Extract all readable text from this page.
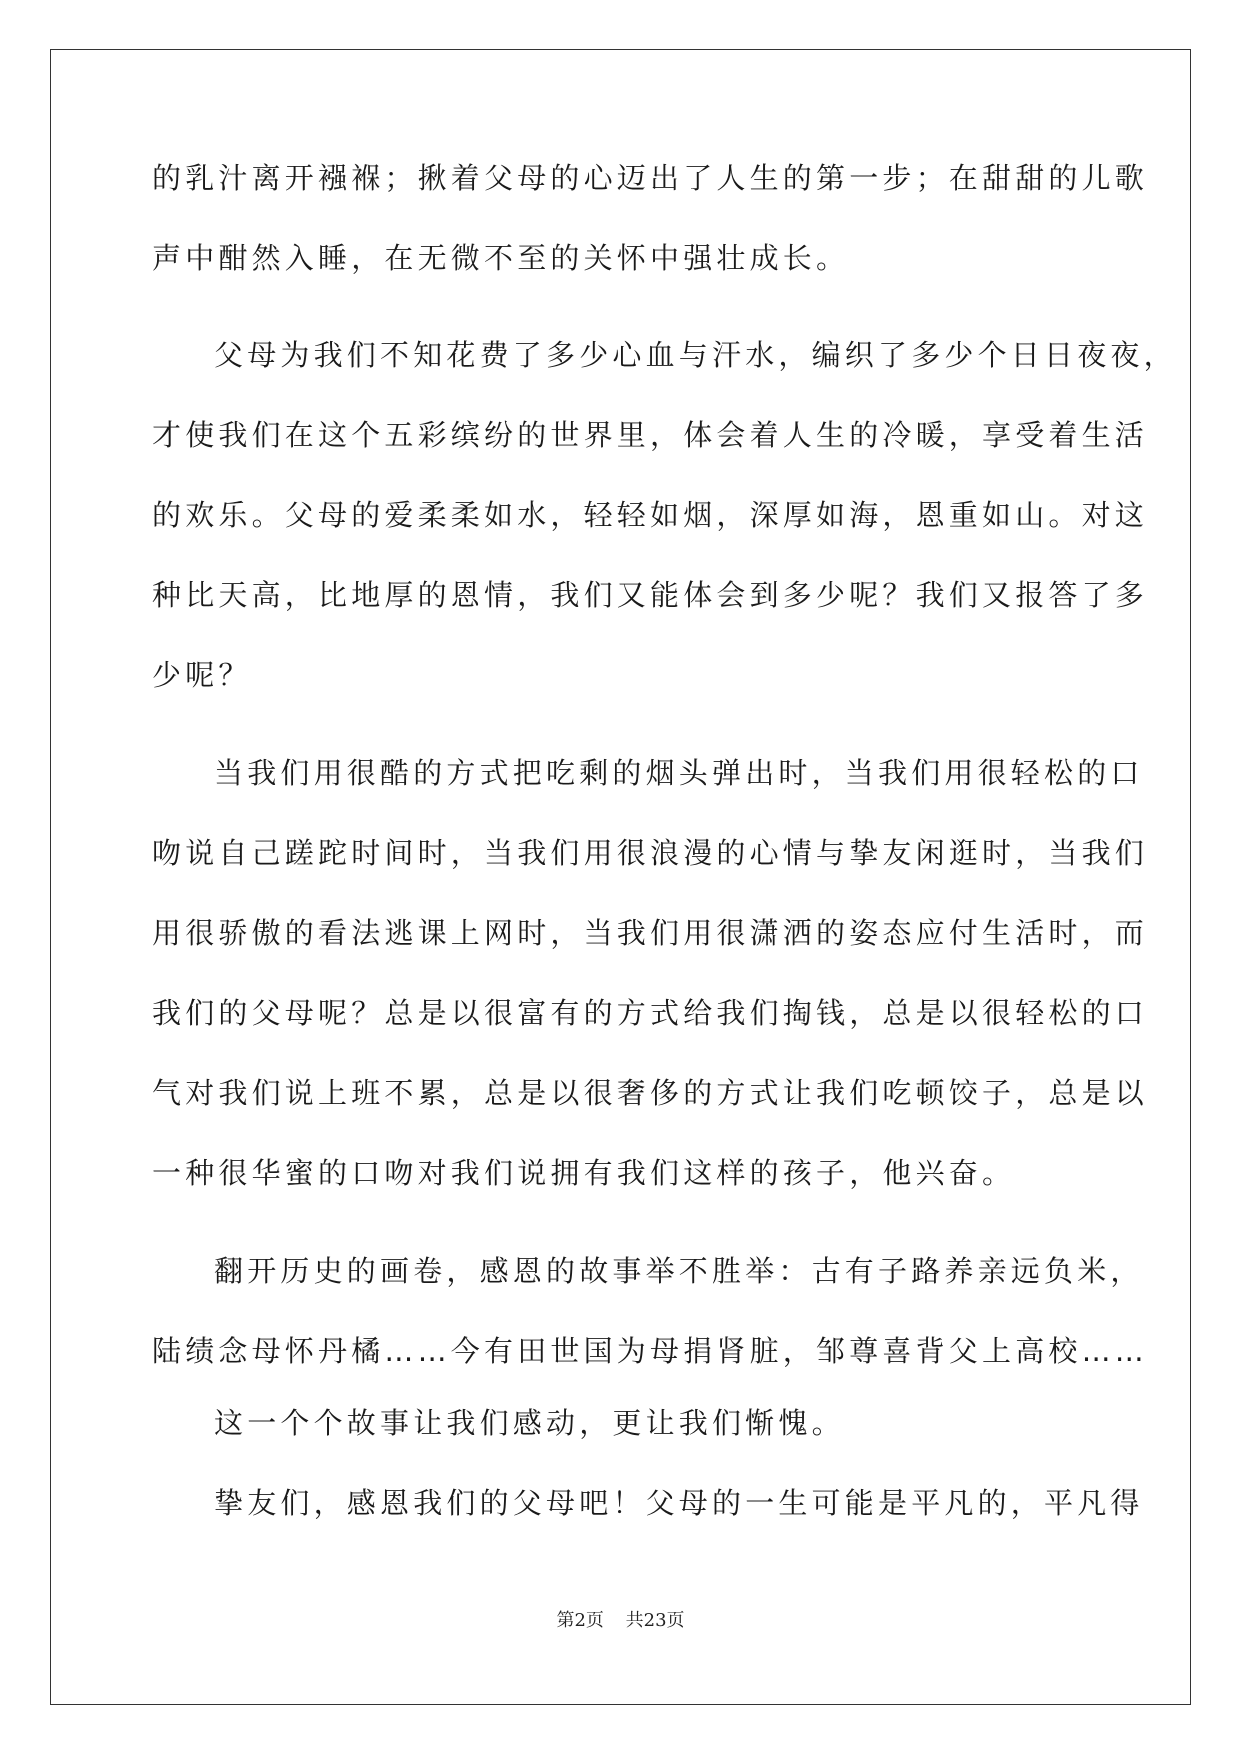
的乳汁离开襁褓；揪着父母的心迈出了人生的第一步；在甜甜的儿歌
声中酣然入睡，在无微不至的关怀中强壮成长。
父母为我们不知花费了多少心血与汗水，编织了多少个日日夜夜，
才使我们在这个五彩缤纷的世界里，体会着人生的冷暖，享受着生活
的欢乐。父母的爱柔柔如水，轻轻如烟，深厚如海，恩重如山。对这
种比天高，比地厚的恩情，我们又能体会到多少呢？我们又报答了多
少呢？
当我们用很酷的方式把吃剩的烟头弹出时，当我们用很轻松的口
吻说自己蹉跎时间时，当我们用很浪漫的心情与挚友闲逛时，当我们
用很骄傲的看法逃课上网时，当我们用很潇洒的姿态应付生活时，而
我们的父母呢？总是以很富有的方式给我们掏钱，总是以很轻松的口
气对我们说上班不累，总是以很奢侈的方式让我们吃顿饺子，总是以
一种很华蜜的口吻对我们说拥有我们这样的孩子，他兴奋。
翻开历史的画卷，感恩的故事举不胜举：古有子路养亲远负米，
陆绩念母怀丹橘……今有田世国为母捐肾脏，邹尊喜背父上高校……
这一个个故事让我们感动，更让我们惭愧。
挚友们，感恩我们的父母吧！父母的一生可能是平凡的，平凡得
第2页 共23页
